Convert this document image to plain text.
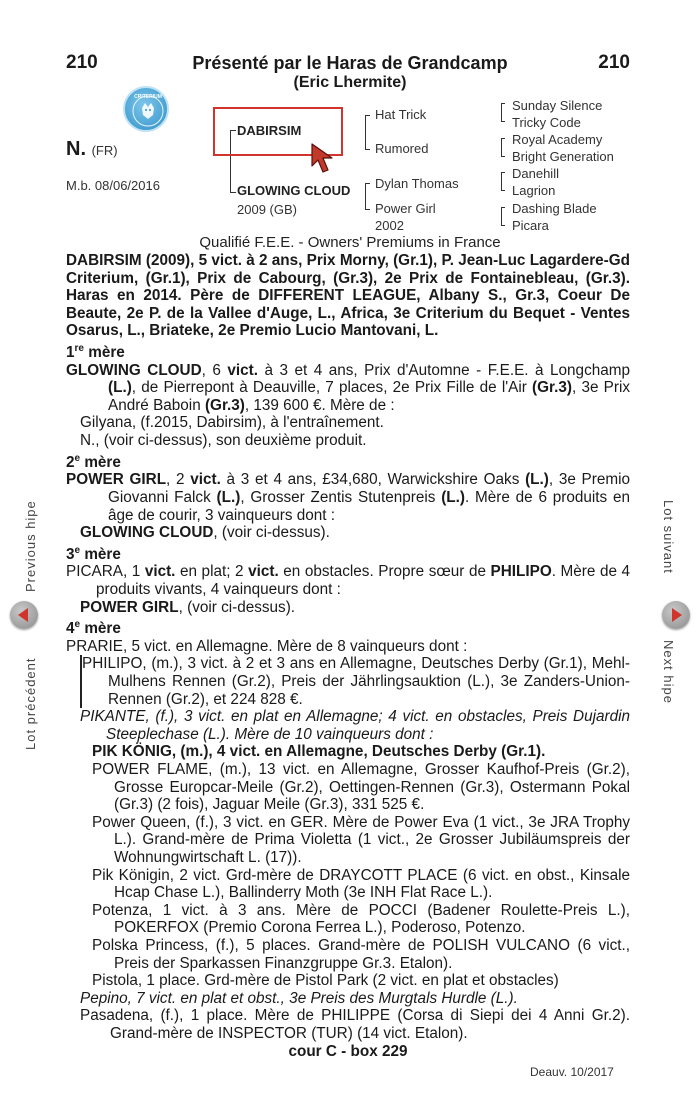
210	210
Présenté par le Haras de Grandcamp
(Eric Lhermite)
CRITERIUM
N. (FR)
M.b. 08/06/2016
DABIRSIM
GLOWING CLOUD
2009 (GB)
Hat Trick
Rumored
Dylan Thomas
Power Girl
2002
Sunday Silence
Tricky Code
Royal Academy
Bright Generation
Danehill
Lagrion
Dashing Blade
Picara
Qualifié F.E.E. - Owners' Premiums in France

DABIRSIM (2009), 5 vict. à 2 ans, Prix Morny, (Gr.1), P. Jean-Luc Lagardere-Gd Criterium, (Gr.1), Prix de Cabourg, (Gr.3), 2e Prix de Fontainebleau, (Gr.3). Haras en 2014. Père de DIFFERENT LEAGUE, Albany S., Gr.3, Coeur De Beaute, 2e P. de la Vallee d'Auge, L., Africa, 3e Criterium du Bequet - Ventes Osarus, L., Briateke, 2e Premio Lucio Mantovani, L.

1re mère

GLOWING CLOUD, 6 vict. à 3 et 4 ans, Prix d'Automne - F.E.E. à Longchamp (L.), de Pierrepont à Deauville, 7 places, 2e Prix Fille de l'Air (Gr.3), 3e Prix André Baboin (Gr.3), 139 600 €. Mère de :

Gilyana, (f.2015, Dabirsim), à l'entraînement.

N., (voir ci-dessus), son deuxième produit.

2e mère

POWER GIRL, 2 vict. à 3 et 4 ans, £34,680, Warwickshire Oaks (L.), 3e Premio Giovanni Falck (L.), Grosser Zentis Stutenpreis (L.). Mère de 6 produits en âge de courir, 3 vainqueurs dont :

GLOWING CLOUD, (voir ci-dessus).

3e mère

PICARA, 1 vict. en plat; 2 vict. en obstacles. Propre sœur de PHILIPO. Mère de 4 produits vivants, 4 vainqueurs dont :

POWER GIRL, (voir ci-dessus).

4e mère

PRARIE, 5 vict. en Allemagne. Mère de 8 vainqueurs dont :

PHILIPO, (m.), 3 vict. à 2 et 3 ans en Allemagne, Deutsches Derby (Gr.1), Mehl-Mulhens Rennen (Gr.2), Preis der Jährlingsauktion (L.), 3e Zanders-Union-Rennen (Gr.2), et 224 828 €.

PIKANTE, (f.), 3 vict. en plat en Allemagne; 4 vict. en obstacles, Preis Dujardin Steeplechase (L.). Mère de 10 vainqueurs dont :

PIK KÖNIG, (m.), 4 vict. en Allemagne, Deutsches Derby (Gr.1).

POWER FLAME, (m.), 13 vict. en Allemagne, Grosser Kaufhof-Preis (Gr.2), Grosse Europcar-Meile (Gr.2), Oettingen-Rennen (Gr.3), Ostermann Pokal (Gr.3) (2 fois), Jaguar Meile (Gr.3), 331 525 €.

Power Queen, (f.), 3 vict. en GER. Mère de Power Eva (1 vict., 3e JRA Trophy L.). Grand-mère de Prima Violetta (1 vict., 2e Grosser Jubiläumspreis der Wohnungwirtschaft L. (17)).

Pik Königin, 2 vict. Grd-mère de DRAYCOTT PLACE (6 vict. en obst., Kinsale Hcap Chase L.), Ballinderry Moth (3e INH Flat Race L.).

Potenza, 1 vict. à 3 ans. Mère de POCCI (Badener Roulette-Preis L.), POKERFOX (Premio Corona Ferrea L.), Poderoso, Potenzo.

Polska Princess, (f.), 5 places. Grand-mère de POLISH VULCANO (6 vict., Preis der Sparkassen Finanzgruppe Gr.3. Etalon).

Pistola, 1 place. Grd-mère de Pistol Park (2 vict. en plat et obstacles)

Pepino, 7 vict. en plat et obst., 3e Preis des Murgtals Hurdle (L.).

Pasadena, (f.), 1 place. Mère de PHILIPPE (Corsa di Siepi dei 4 Anni Gr.2). Grand-mère de INSPECTOR (TUR) (14 vict. Etalon).

cour C - box 229

Deauv. 10/2017
Lot précédent
Previous hipe	Lot suivant
Next hipe
